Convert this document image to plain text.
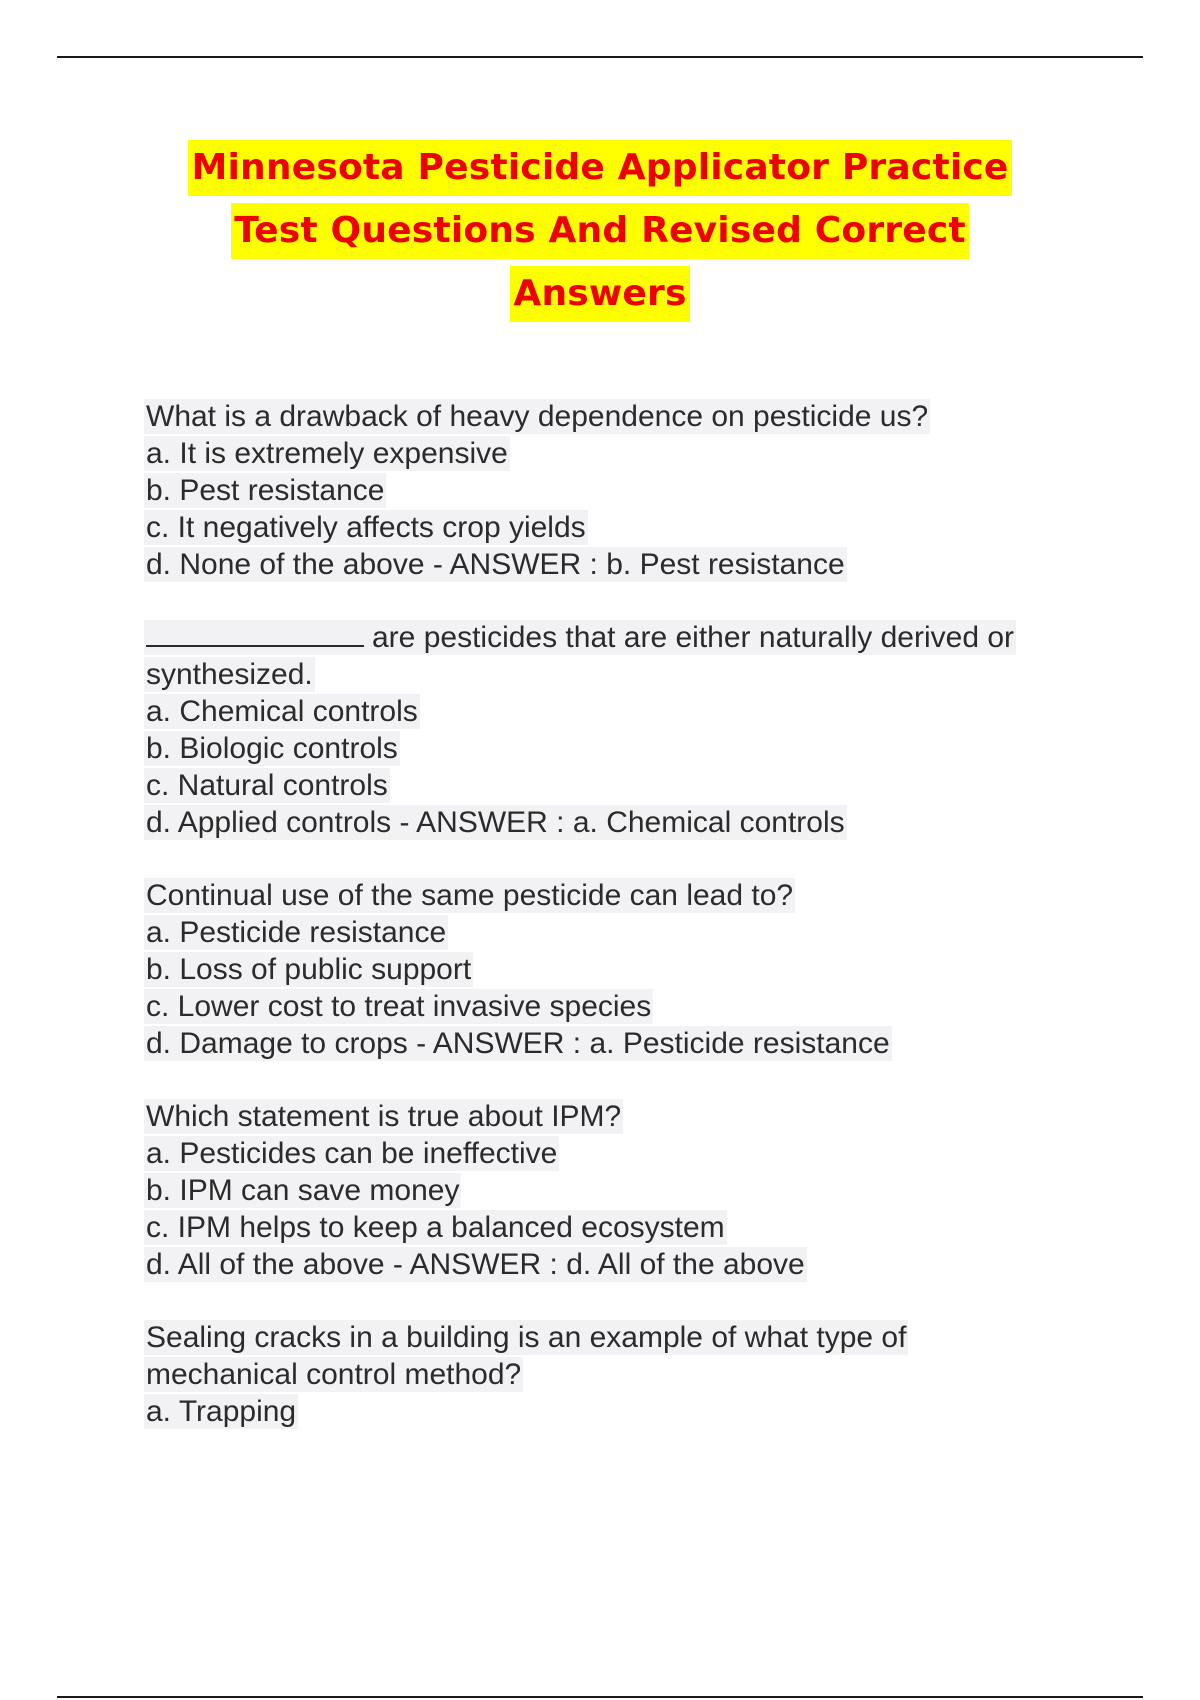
Minnesota Pesticide Applicator Practice
Test Questions And Revised Correct
Answers
What is a drawback of heavy dependence on pesticide us?
a. It is extremely expensive
b. Pest resistance
c. It negatively affects crop yields
d. None of the above - ANSWER : b. Pest resistance
are pesticides that are either naturally derived or
synthesized.
a. Chemical controls
b. Biologic controls
c. Natural controls
d. Applied controls - ANSWER : a. Chemical controls
Continual use of the same pesticide can lead to?
a. Pesticide resistance
b. Loss of public support
c. Lower cost to treat invasive species
d. Damage to crops - ANSWER : a. Pesticide resistance
Which statement is true about IPM?
a. Pesticides can be ineffective
b. IPM can save money
c. IPM helps to keep a balanced ecosystem
d. All of the above - ANSWER : d. All of the above
Sealing cracks in a building is an example of what type of
mechanical control method?
a. Trapping
